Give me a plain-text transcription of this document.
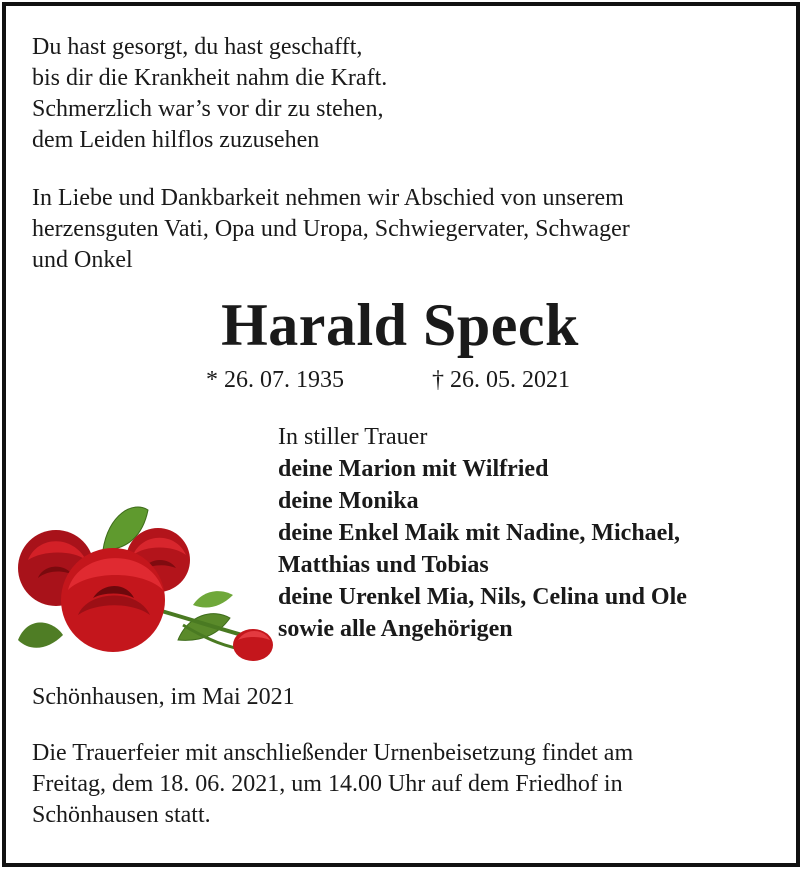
Du hast gesorgt, du hast geschafft,
bis dir die Krankheit nahm die Kraft.
Schmerzlich war’s vor dir zu stehen,
dem Leiden hilflos zuzusehen
In Liebe und Dankbarkeit nehmen wir Abschied von unserem
herzensguten Vati, Opa und Uropa, Schwiegervater, Schwager
und Onkel
Harald Speck
* 26. 07. 1935	† 26. 05. 2021
In stiller Trauer
deine Marion mit Wilfried
deine Monika
deine Enkel Maik mit Nadine, Michael,
Matthias und Tobias
deine Urenkel Mia, Nils, Celina und Ole
sowie alle Angehörigen
Schönhausen, im Mai 2021
Die Trauerfeier mit anschließender Urnenbeisetzung findet am
Freitag, dem 18. 06. 2021, um 14.00 Uhr auf dem Friedhof in
Schönhausen statt.
